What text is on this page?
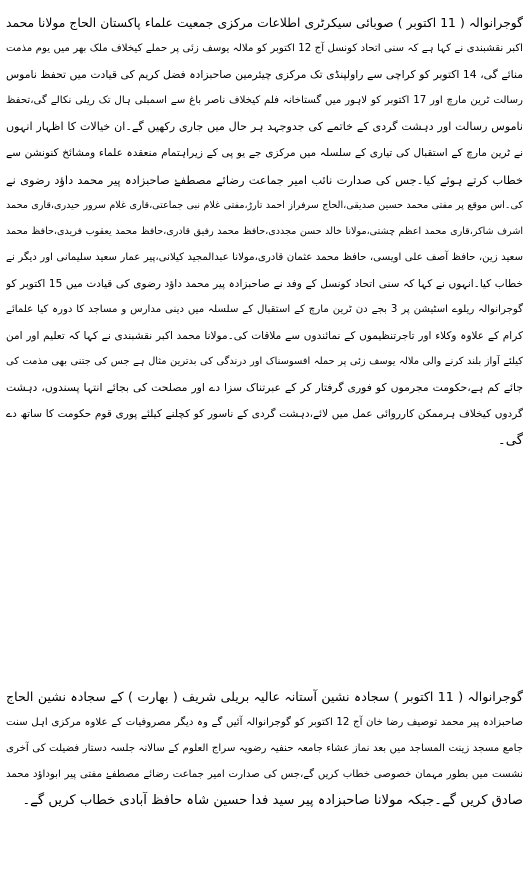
گوجرانوالہ ( 11 اکتوبر ) صوبائی سیکرٹری اطلاعات مرکزی جمعیت علماء پاکستان الحاج مولانا محمد
اکبر نقشبندی نے کہا ہے کہ سنی اتحاد کونسل آج 12 اکتوبر کو ملالہ یوسف زئی پر حملے کیخلاف ملک بھر میں یوم مذمت
منائے گی، 14 اکتوبر کو کراچی سے راولپنڈی تک مرکزی چیئرمین صاحبزادہ فضل کریم کی قیادت میں تحفظ ناموس
رسالت ٹرین مارچ اور 17 اکتوبر کو لاہور میں گستاخانہ فلم کیخلاف ناصر باغ سے اسمبلی ہال تک ریلی نکالے گی،تحفظ
ناموس رسالت اور دہشت گردی کے خاتمے کی جدوجہد ہر حال میں جاری رکھیں گے۔ان خیالات کا اظہار انہوں
نے ٹرین مارچ کے استقبال کی تیاری کے سلسلہ میں مرکزی جے یو پی کے زیراہتمام منعقدہ علماء ومشائخ کنونشن سے
خطاب کرتے ہوئے کیا۔جس کی صدارت نائب امیر جماعت رضائے مصطفےٰ صاحبزادہ پیر محمد داؤد رضوی نے
کی۔اس موقع پر مفتی محمد حسین صدیقی،الحاج سرفراز احمد تارڑ،مفتی غلام نبی جماعتی،قاری غلام سرور حیدری،قاری محمد
اشرف شاکر،قاری محمد اعظم چشتی،مولانا خالد حسن مجددی،حافظ محمد رفیق قادری،حافظ محمد یعقوب فریدی،حافظ محمد
سعید زین، حافظ آصف علی اویسی، حافظ محمد عثمان قادری،مولانا عبدالمجید کیلانی،پیر عمار سعید سلیمانی اور دیگر نے
خطاب کیا۔انہوں نے کہا کہ سنی اتحاد کونسل کے وفد نے صاحبزادہ پیر محمد داؤد رضوی کی قیادت میں 15 اکتوبر کو
گوجرانوالہ ریلوے اسٹیشن پر 3 بجے دن ٹرین مارچ کے استقبال کے سلسلہ میں دینی مدارس و مساجد کا دورہ کیا علمائے
کرام کے علاوہ وکلاء اور تاجرتنظیموں کے نمائندوں سے ملاقات کی۔مولانا محمد اکبر نقشبندی نے کہا کہ تعلیم اور امن
کیلئے آواز بلند کرنے والی ملالہ یوسف زئی پر حملہ افسوسناک اور درندگی کی بدترین مثال ہے جس کی جتنی بھی مذمت کی
جائے کم ہے،حکومت مجرموں کو فوری گرفتار کر کے عبرتناک سزا دے اور مصلحت کی بجائے انتہا پسندوں، دہشت
گردوں کیخلاف ہرممکن کارروائی عمل میں لائے،دہشت گردی کے ناسور کو کچلنے کیلئے پوری قوم حکومت کا ساتھ دے
گی۔
گوجرانوالہ ( 11 اکتوبر ) سجادہ نشین آستانہ عالیہ بریلی شریف ( بھارت ) کے سجادہ نشین الحاج
صاحبزادہ پیر محمد توصیف رضا خان آج 12 اکتوبر کو گوجرانوالہ آئیں گے وہ دیگر مصروفیات کے علاوہ مرکزی اہل سنت
جامع مسجد زینت المساجد میں بعد نماز عشاء جامعہ حنفیہ رضویہ سراج العلوم کے سالانہ جلسہ دستار فضیلت کی آخری
نشست میں بطور مہمان خصوصی خطاب کریں گے،جس کی صدارت امیر جماعت رضائے مصطفےٰ مفتی پیر ابوداؤد محمد
صادق کریں گے۔جبکہ مولانا صاحبزادہ پیر سید فدا حسین شاہ حافظ آبادی خطاب کریں گے۔
